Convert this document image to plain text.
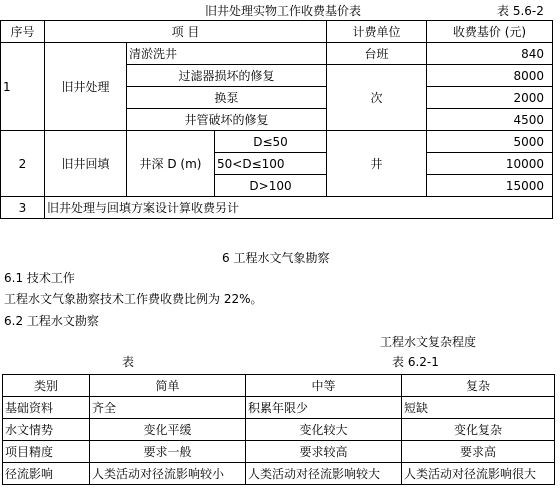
旧井处理实物工作收费基价表	表 5.6-2
序号	项 目			计费单位	收费基价 (元)
1	旧井处理	清淤洗井		台班	840
		过滤器损坏的修复		次	8000
		换泵			2000
		井管破坏的修复			4500
2	旧井回填	井深 D (m)	D≤50	井	5000
			50<D≤100		10000
			D>100		15000
3	旧井处理与回填方案设计算收费另计				
6 工程水文气象勘察
6.1 技术工作
工程水文气象勘察技术工作费收费比例为 22%。
6.2 工程水文勘察
工程水文复杂程度
表	表 6.2-1
类别	简单	中等	复杂
基础资料	齐全	积累年限少	短缺
水文情势	变化平缓	变化较大	变化复杂
项目精度	要求一般	要求较高	要求高
径流影响	人类活动对径流影响较小	人类活动对径流影响较大	人类活动对径流影响很大
